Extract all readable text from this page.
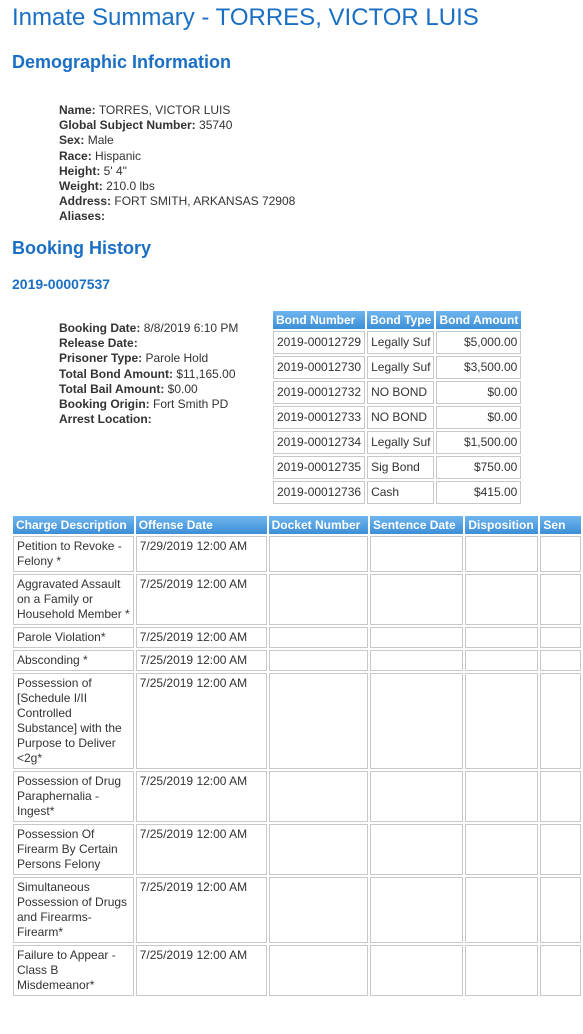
Inmate Summary - TORRES, VICTOR LUIS
Demographic Information
Name: TORRES, VICTOR LUIS
Global Subject Number: 35740
Sex: Male
Race: Hispanic
Height: 5' 4"
Weight: 210.0 lbs
Address: FORT SMITH, ARKANSAS 72908
Aliases:
Booking History
2019-00007537
Booking Date: 8/8/2019 6:10 PM
Release Date:
Prisoner Type: Parole Hold
Total Bond Amount: $11,165.00
Total Bail Amount: $0.00
Booking Origin: Fort Smith PD
Arrest Location:
Bond Number	Bond Type	Bond Amount
2019-00012729	Legally Suf	$5,000.00
2019-00012730	Legally Suf	$3,500.00
2019-00012732	NO BOND	$0.00
2019-00012733	NO BOND	$0.00
2019-00012734	Legally Suf	$1,500.00
2019-00012735	Sig Bond	$750.00
2019-00012736	Cash	$415.00
Charge Description	Offense Date	Docket Number	Sentence Date	Disposition	Sen
Petition to Revoke - Felony *	7/29/2019 12:00 AM				
Aggravated Assault on a Family or Household Member *	7/25/2019 12:00 AM				
Parole Violation*	7/25/2019 12:00 AM				
Absconding *	7/25/2019 12:00 AM				
Possession of [Schedule I/II Controlled Substance] with the Purpose to Deliver <2g*	7/25/2019 12:00 AM				
Possession of Drug Paraphernalia - Ingest*	7/25/2019 12:00 AM				
Possession Of Firearm By Certain Persons Felony	7/25/2019 12:00 AM				
Simultaneous Possession of Drugs and Firearms-Firearm*	7/25/2019 12:00 AM				
Failure to Appear - Class B Misdemeanor*	7/25/2019 12:00 AM				
